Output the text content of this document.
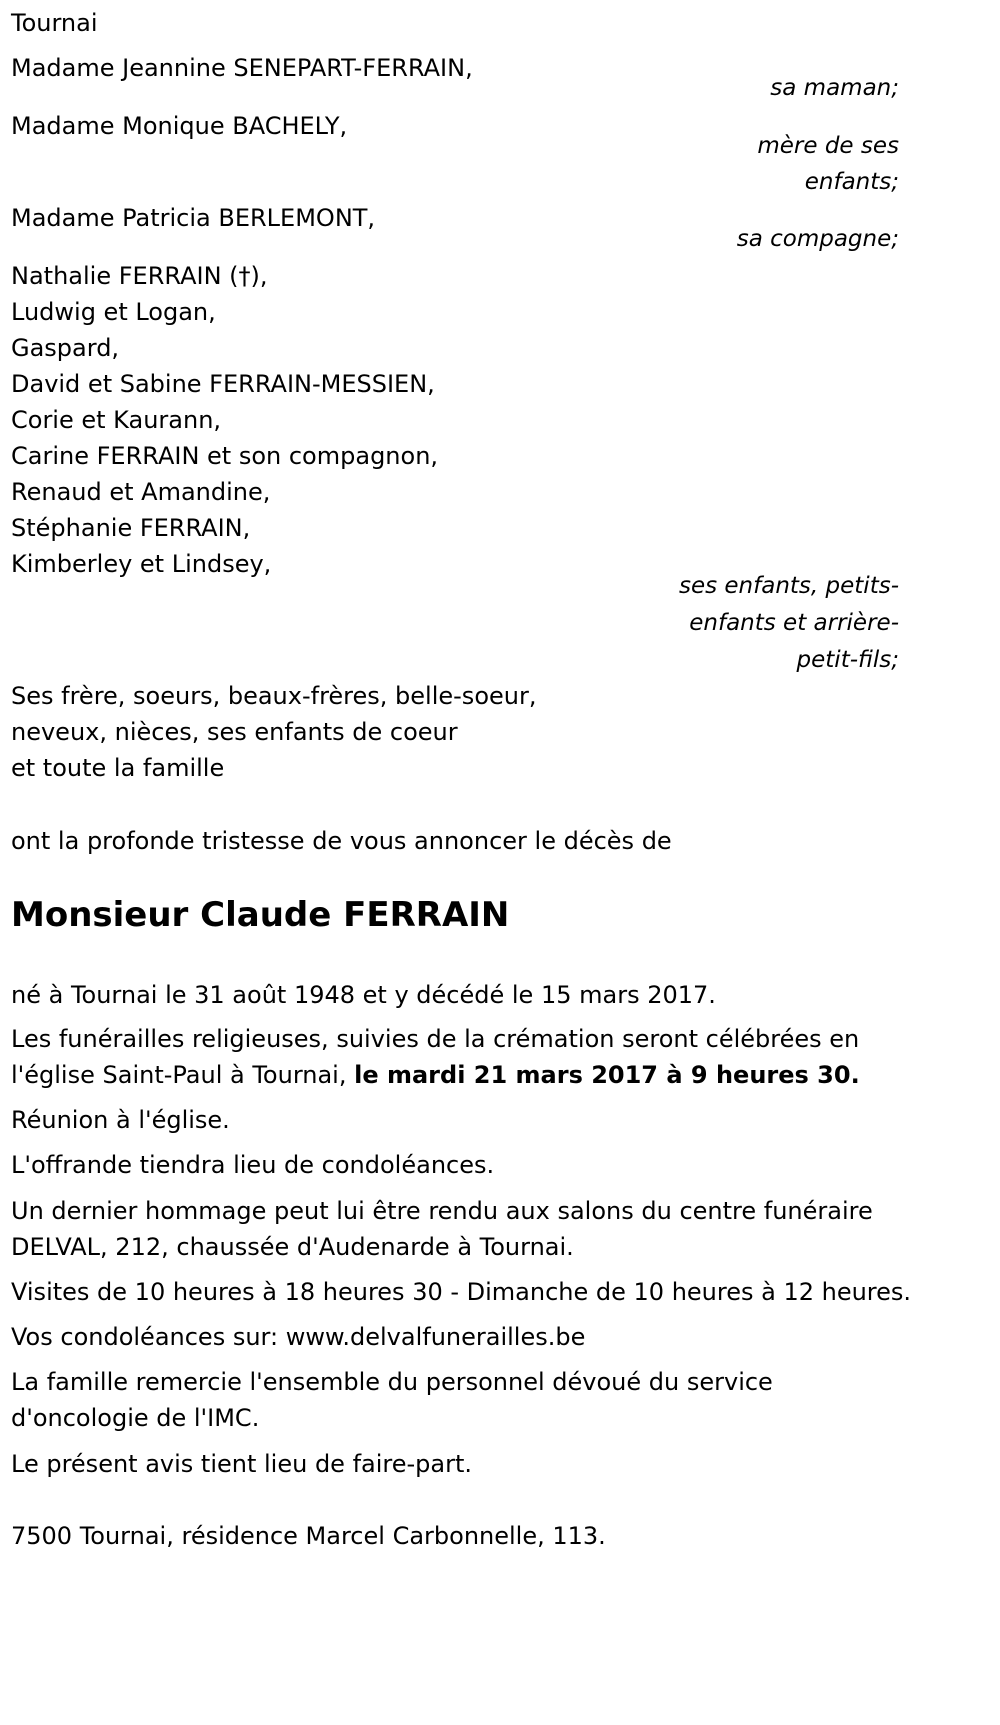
Tournai
Madame Jeannine SENEPART-FERRAIN,
sa maman;
Madame Monique BACHELY,
mère de ses
enfants;
Madame Patricia BERLEMONT,
sa compagne;
Nathalie FERRAIN (†),
Ludwig et Logan,
Gaspard,
David et Sabine FERRAIN-MESSIEN,
Corie et Kaurann,
Carine FERRAIN et son compagnon,
Renaud et Amandine,
Stéphanie FERRAIN,
Kimberley et Lindsey,
ses enfants, petits-
enfants et arrière-
petit-fils;
Ses frère, soeurs, beaux-frères, belle-soeur,
neveux, nièces, ses enfants de coeur
et toute la famille
ont la profonde tristesse de vous annoncer le décès de
Monsieur Claude FERRAIN
né à Tournai le 31 août 1948 et y décédé le 15 mars 2017.
Les funérailles religieuses, suivies de la crémation seront célébrées en
l'église Saint-Paul à Tournai, le mardi 21 mars 2017 à 9 heures 30.
Réunion à l'église.
L'offrande tiendra lieu de condoléances.
Un dernier hommage peut lui être rendu aux salons du centre funéraire
DELVAL, 212, chaussée d'Audenarde à Tournai.
Visites de 10 heures à 18 heures 30 - Dimanche de 10 heures à 12 heures.
Vos condoléances sur: www.delvalfunerailles.be
La famille remercie l'ensemble du personnel dévoué du service
d'oncologie de l'IMC.
Le présent avis tient lieu de faire-part.
7500 Tournai, résidence Marcel Carbonnelle, 113.
